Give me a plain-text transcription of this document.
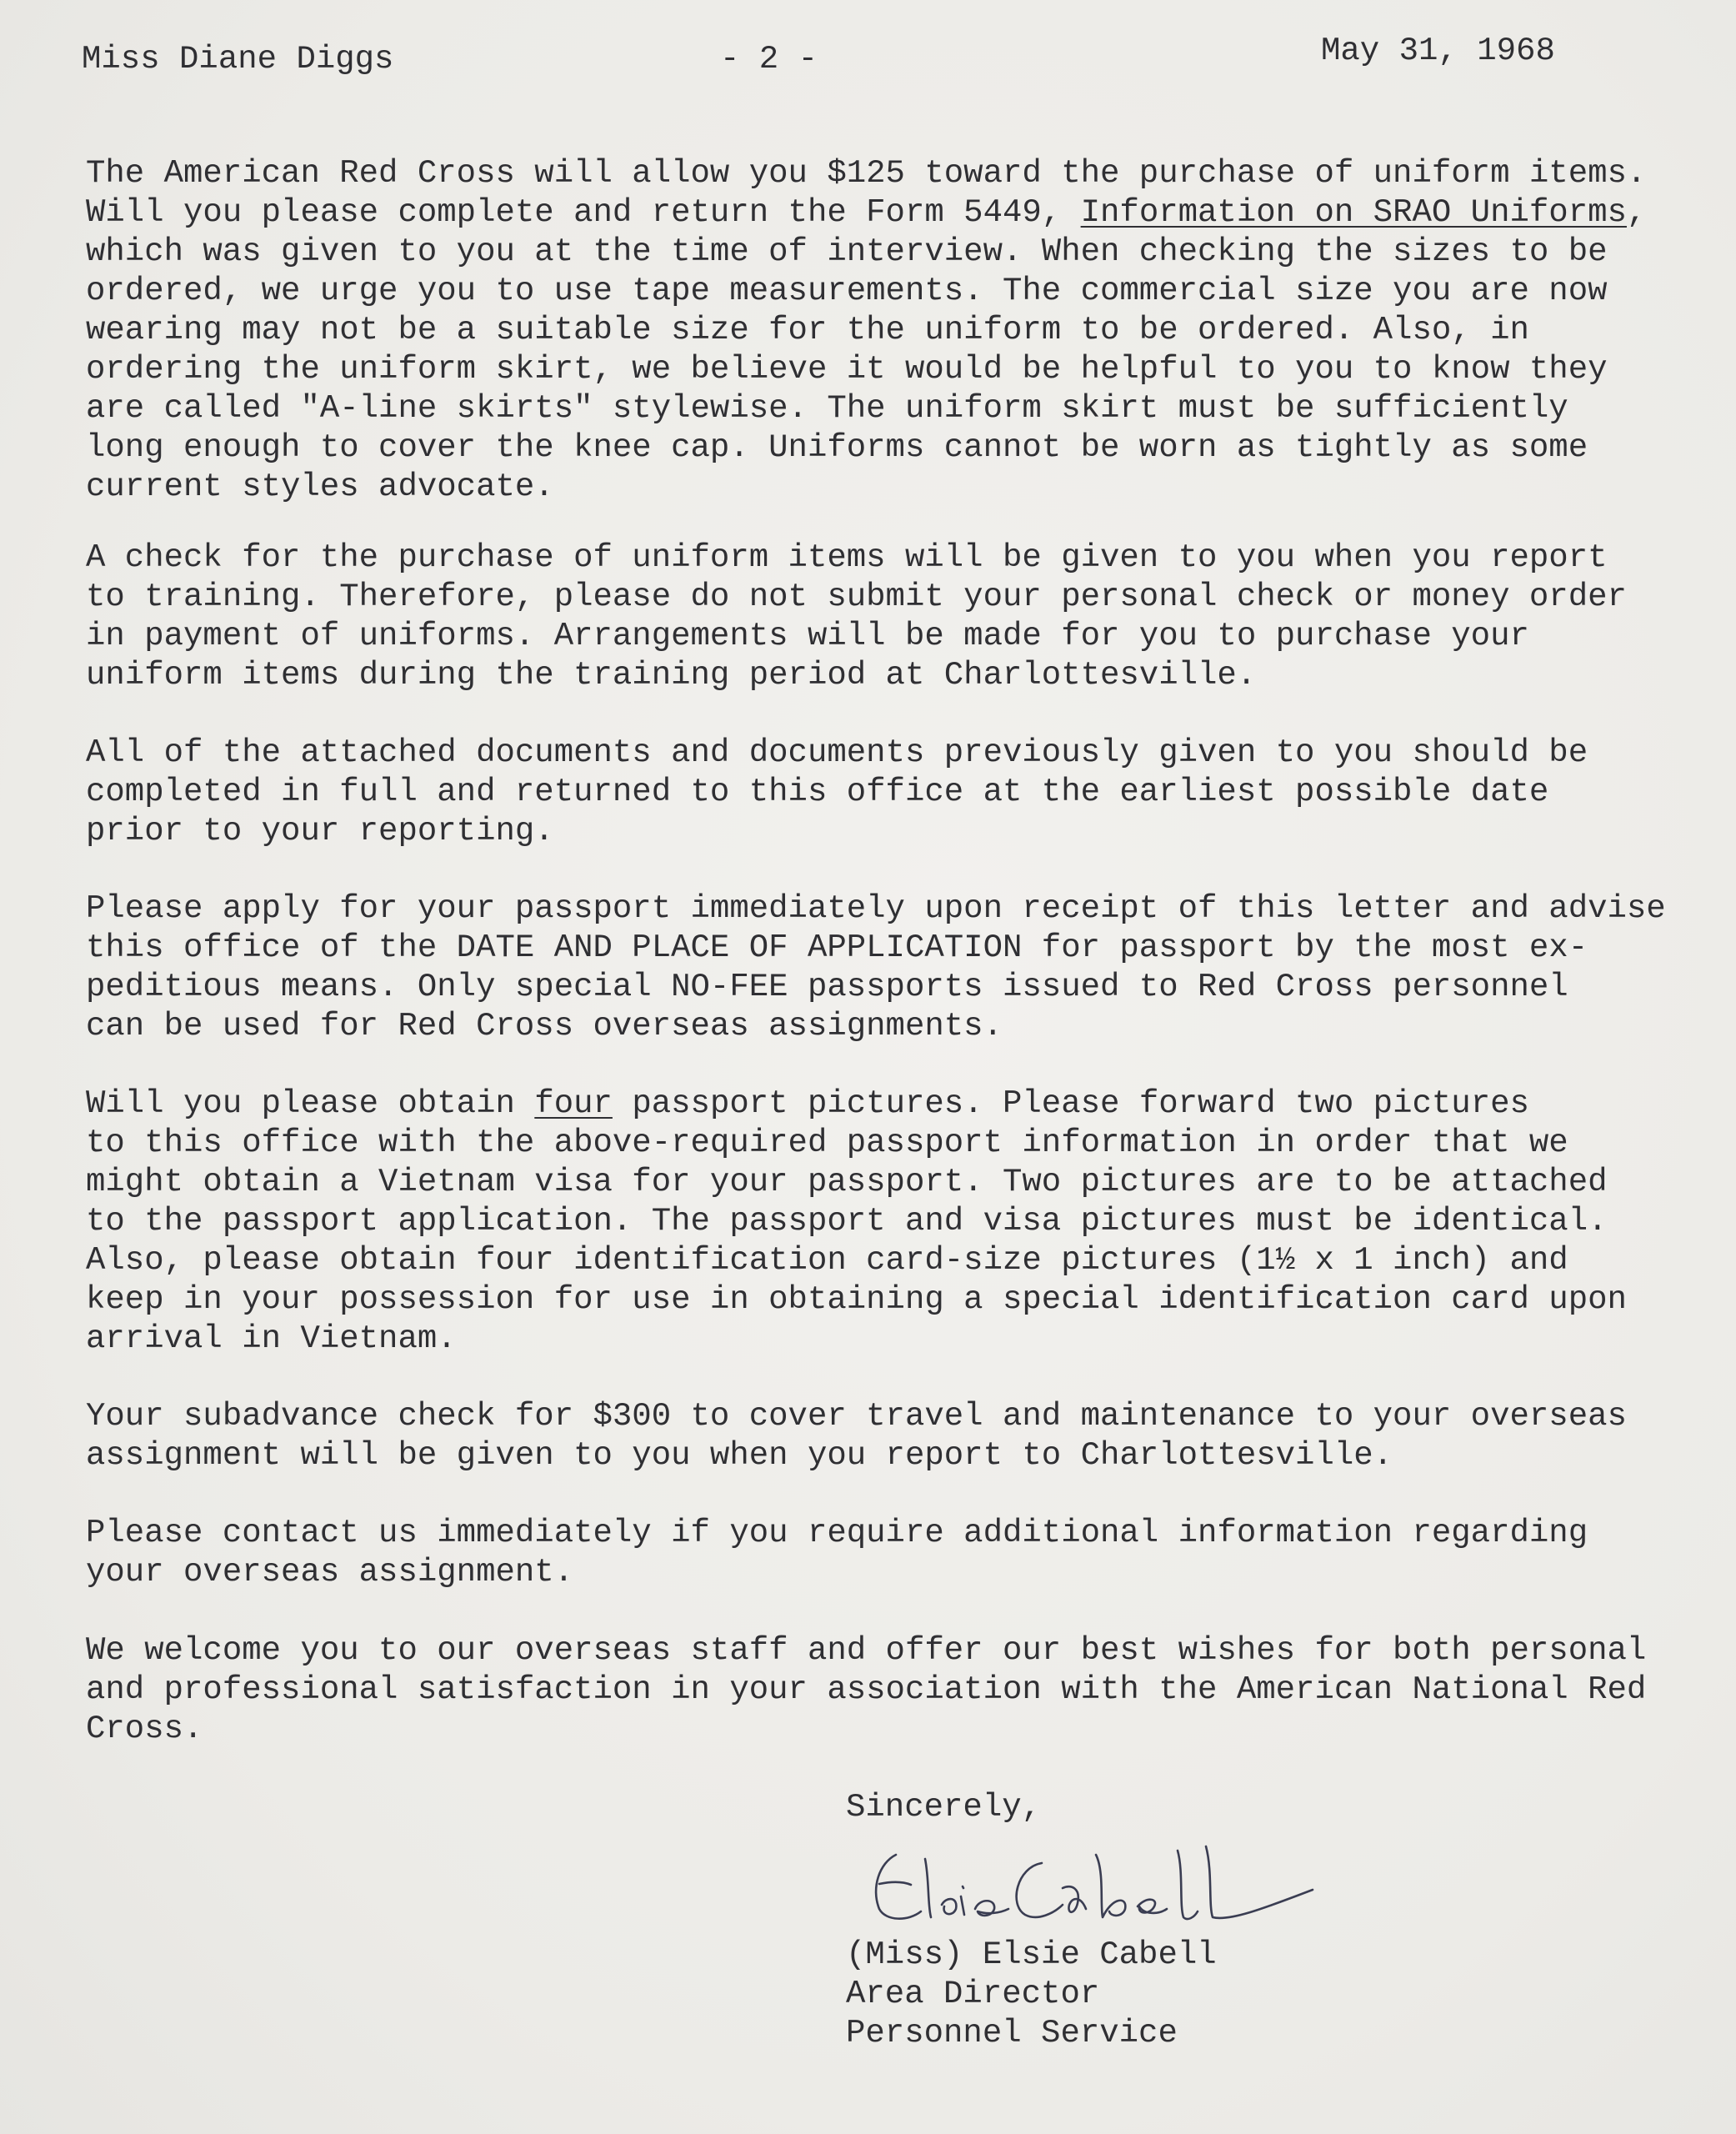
Miss Diane Diggs	- 2 -	May 31, 1968

The American Red Cross will allow you $125 toward the purchase of uniform items.
Will you please complete and return the Form 5449, Information on SRAO Uniforms,
which was given to you at the time of interview. When checking the sizes to be
ordered, we urge you to use tape measurements. The commercial size you are now
wearing may not be a suitable size for the uniform to be ordered. Also, in
ordering the uniform skirt, we believe it would be helpful to you to know they
are called "A-line skirts" stylewise. The uniform skirt must be sufficiently
long enough to cover the knee cap. Uniforms cannot be worn as tightly as some
current styles advocate.

A check for the purchase of uniform items will be given to you when you report
to training. Therefore, please do not submit your personal check or money order
in payment of uniforms. Arrangements will be made for you to purchase your
uniform items during the training period at Charlottesville.

All of the attached documents and documents previously given to you should be
completed in full and returned to this office at the earliest possible date
prior to your reporting.

Please apply for your passport immediately upon receipt of this letter and advise
this office of the DATE AND PLACE OF APPLICATION for passport by the most ex-
peditious means. Only special NO-FEE passports issued to Red Cross personnel
can be used for Red Cross overseas assignments.

Will you please obtain four passport pictures. Please forward two pictures
to this office with the above-required passport information in order that we
might obtain a Vietnam visa for your passport. Two pictures are to be attached
to the passport application. The passport and visa pictures must be identical.
Also, please obtain four identification card-size pictures (1½ x 1 inch) and
keep in your possession for use in obtaining a special identification card upon
arrival in Vietnam.

Your subadvance check for $300 to cover travel and maintenance to your overseas
assignment will be given to you when you report to Charlottesville.

Please contact us immediately if you require additional information regarding
your overseas assignment.

We welcome you to our overseas staff and offer our best wishes for both personal
and professional satisfaction in your association with the American National Red
Cross.

Sincerely,
(Miss) Elsie Cabell
Area Director
Personnel Service
